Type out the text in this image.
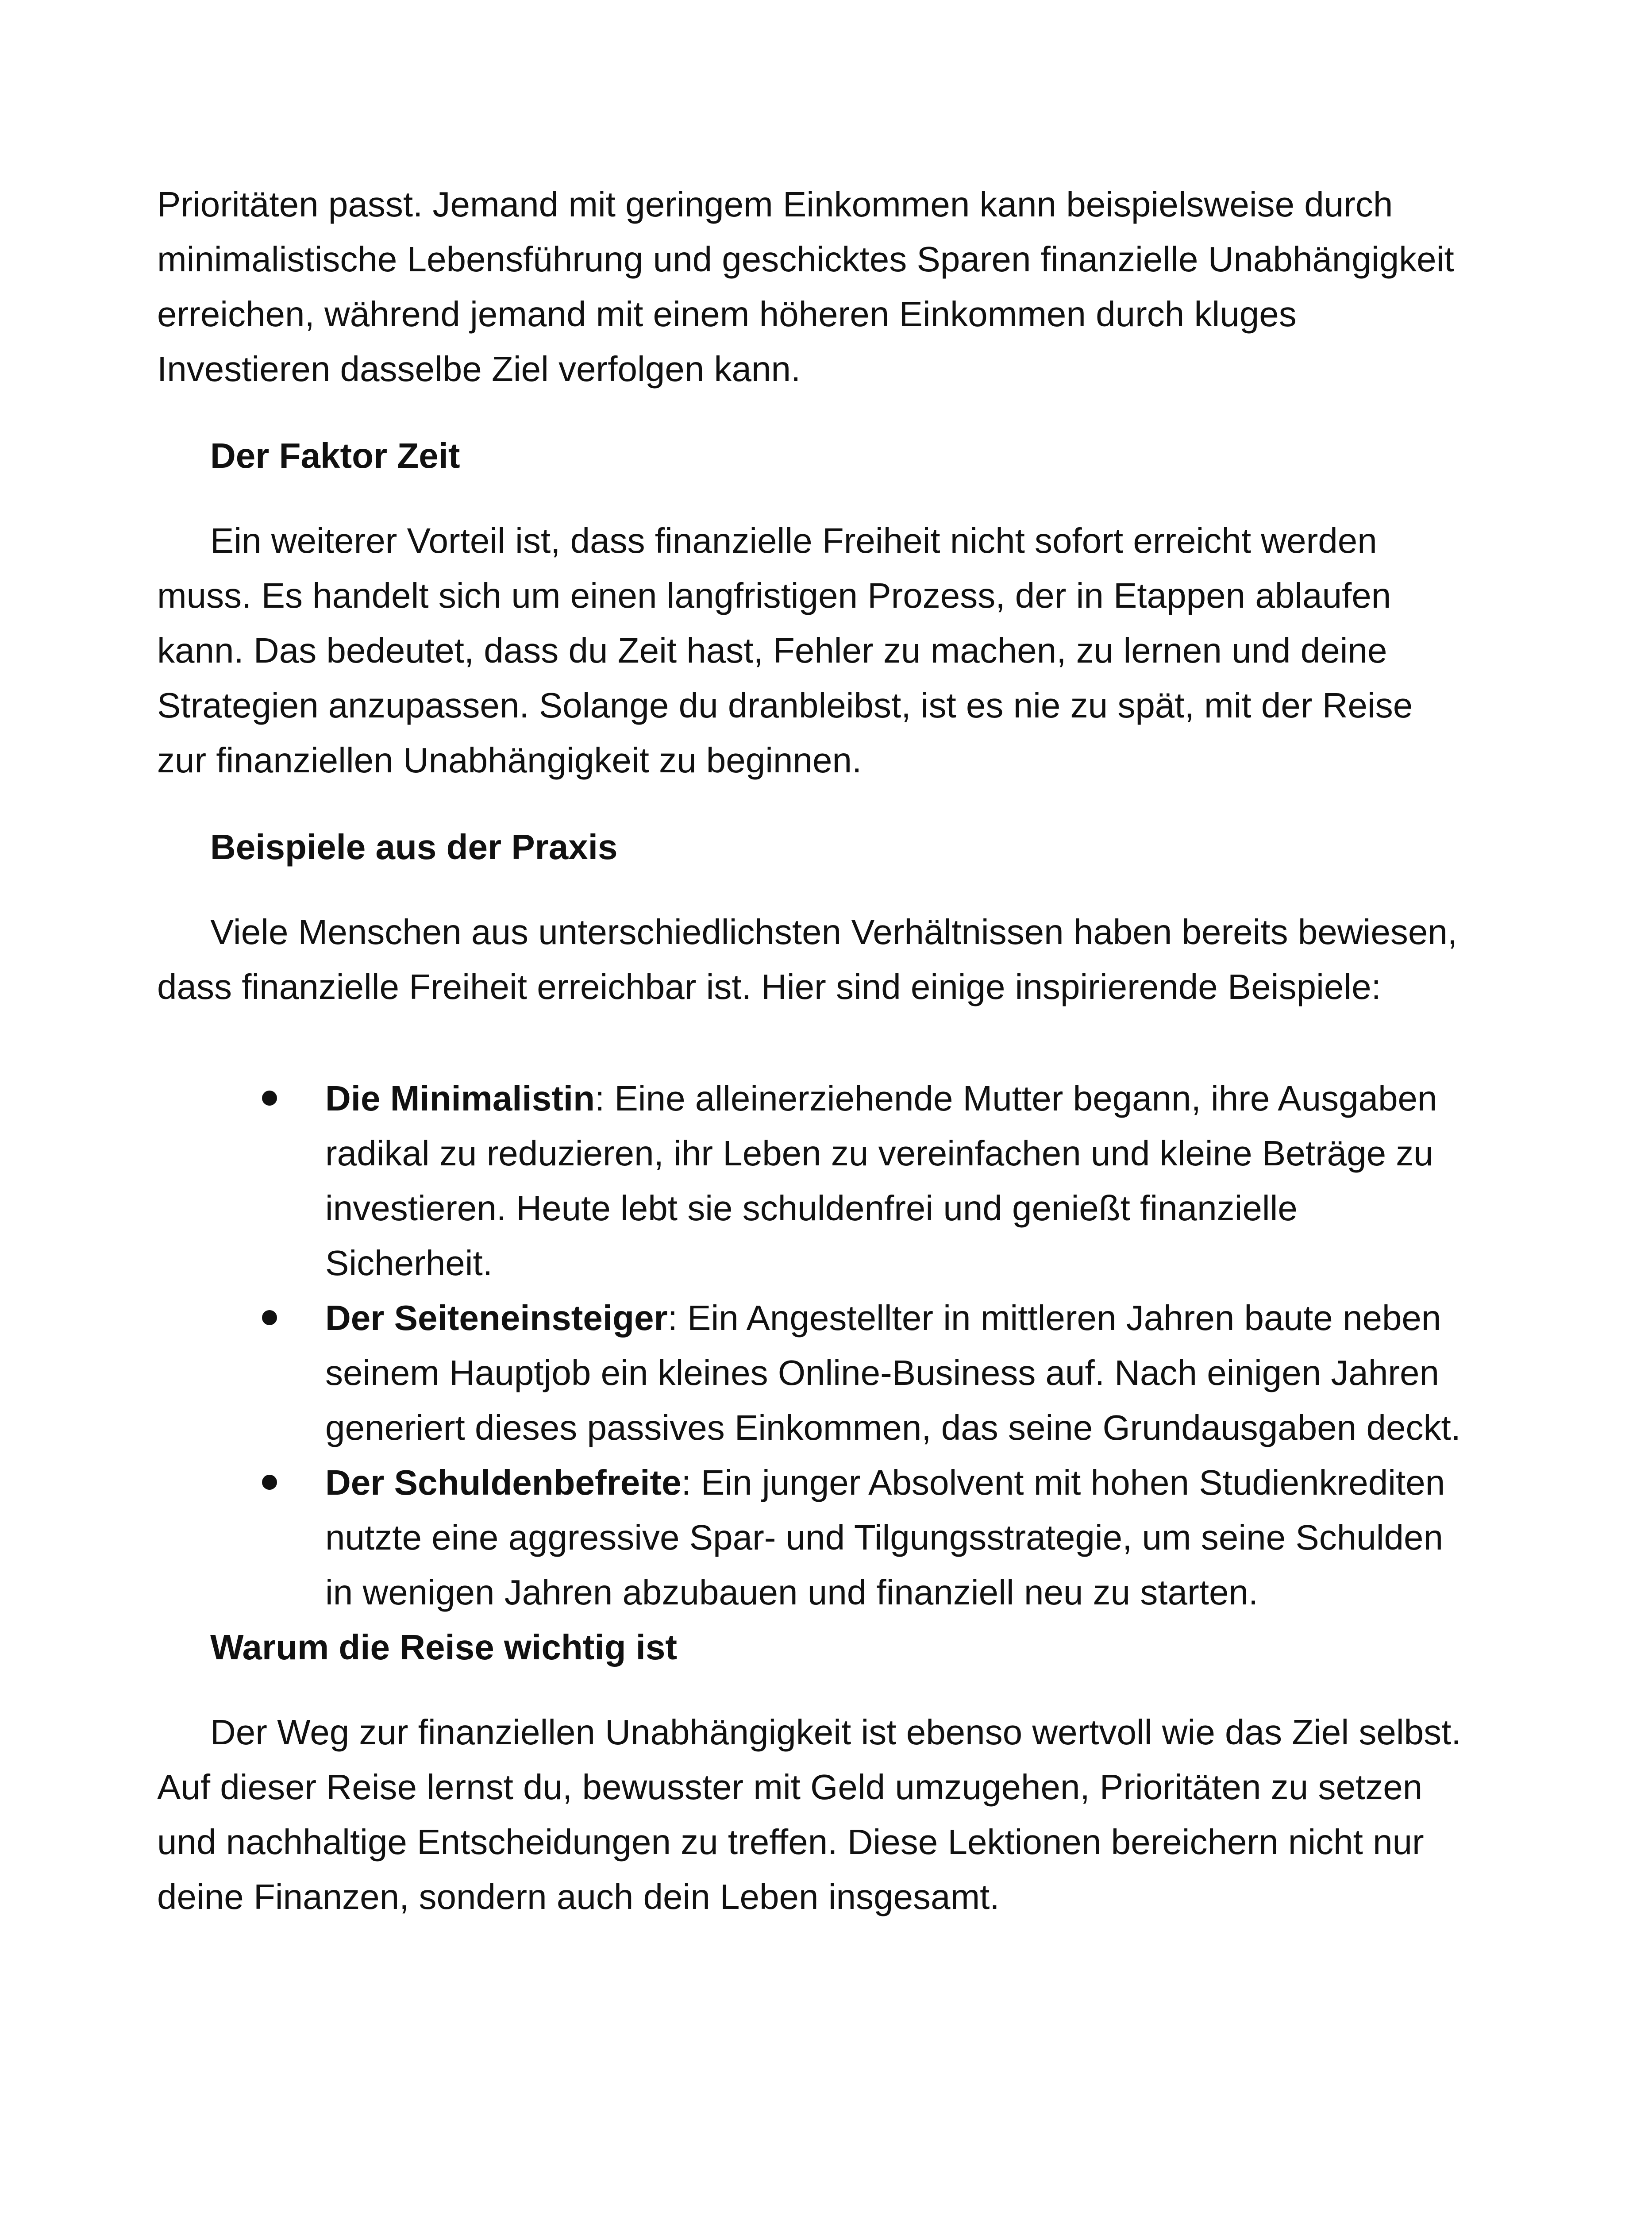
Prioritäten passt. Jemand mit geringem Einkommen kann beispielsweise durch minimalistische Lebensführung und geschicktes Sparen finanzielle Unabhängigkeit erreichen, während jemand mit einem höheren Einkommen durch kluges Investieren dasselbe Ziel verfolgen kann.

Der Faktor Zeit

Ein weiterer Vorteil ist, dass finanzielle Freiheit nicht sofort erreicht werden muss. Es handelt sich um einen langfristigen Prozess, der in Etappen ablaufen kann. Das bedeutet, dass du Zeit hast, Fehler zu machen, zu lernen und deine Strategien anzupassen. Solange du dranbleibst, ist es nie zu spät, mit der Reise zur finanziellen Unabhängigkeit zu beginnen.

Beispiele aus der Praxis

Viele Menschen aus unterschiedlichsten Verhältnissen haben bereits bewiesen, dass finanzielle Freiheit erreichbar ist. Hier sind einige inspirierende Beispiele:

Die Minimalistin: Eine alleinerziehende Mutter begann, ihre Ausgaben radikal zu reduzieren, ihr Leben zu vereinfachen und kleine Beträge zu investieren. Heute lebt sie schuldenfrei und genießt finanzielle Sicherheit.
Der Seiteneinsteiger: Ein Angestellter in mittleren Jahren baute neben seinem Hauptjob ein kleines Online-Business auf. Nach einigen Jahren generiert dieses passives Einkommen, das seine Grundausgaben deckt.
Der Schuldenbefreite: Ein junger Absolvent mit hohen Studienkrediten nutzte eine aggressive Spar- und Tilgungsstrategie, um seine Schulden in wenigen Jahren abzubauen und finanziell neu zu starten.
Warum die Reise wichtig ist

Der Weg zur finanziellen Unabhängigkeit ist ebenso wertvoll wie das Ziel selbst. Auf dieser Reise lernst du, bewusster mit Geld umzugehen, Prioritäten zu setzen und nachhaltige Entscheidungen zu treffen. Diese Lektionen bereichern nicht nur deine Finanzen, sondern auch dein Leben insgesamt.
